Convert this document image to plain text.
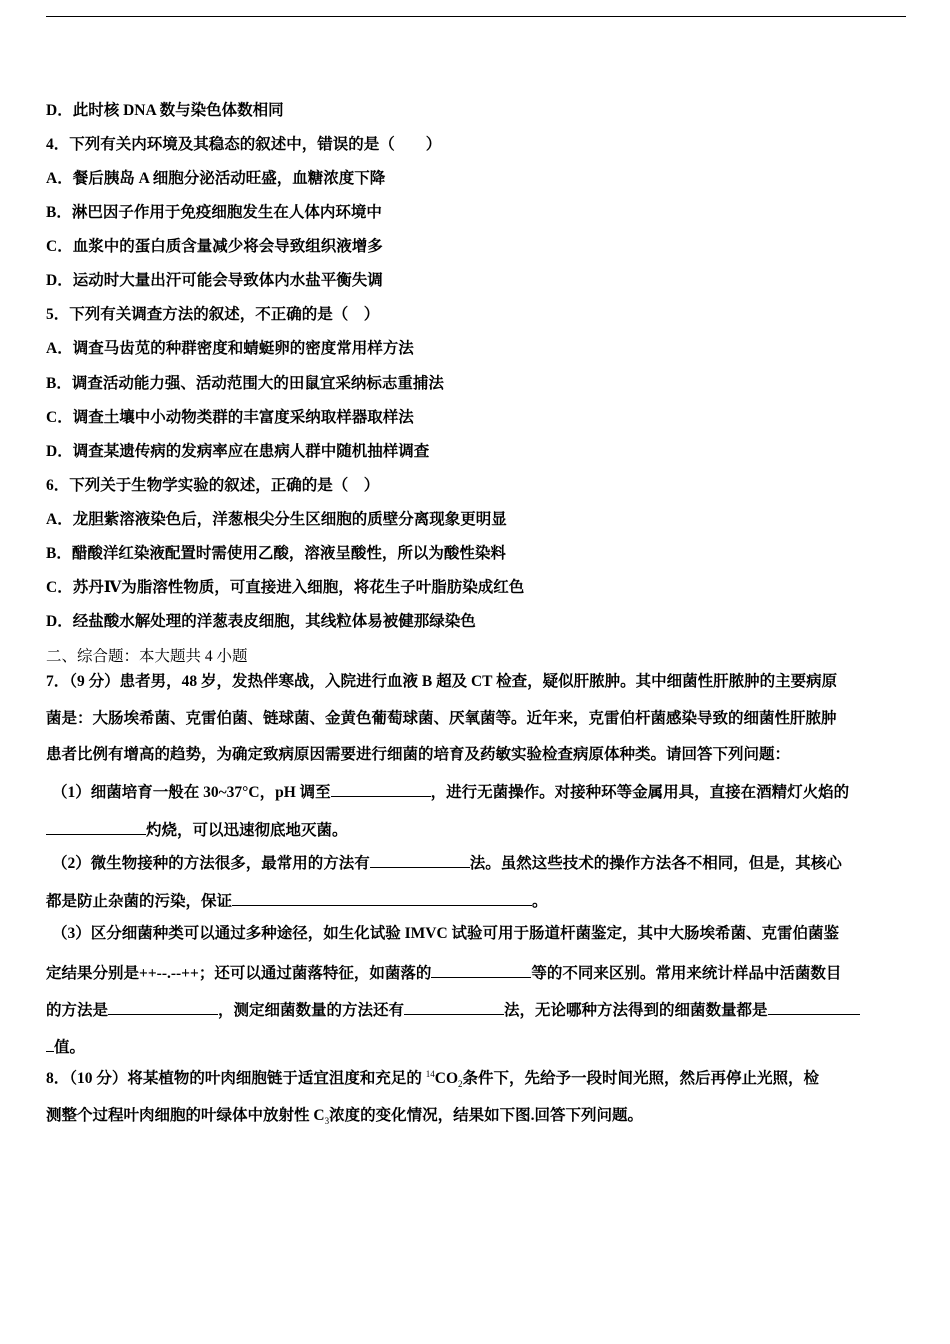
D．此时核 DNA 数与染色体数相同
4．下列有关内环境及其稳态的叙述中，错误的是（　　）
A．餐后胰岛 A 细胞分泌活动旺盛，血糖浓度下降
B．淋巴因子作用于免疫细胞发生在人体内环境中
C．血浆中的蛋白质含量减少将会导致组织液增多
D．运动时大量出汗可能会导致体内水盐平衡失调
5．下列有关调查方法的叙述，不正确的是（　）
A．调查马齿苋的种群密度和蜻蜓卵的密度常用样方法
B．调查活动能力强、活动范围大的田鼠宜采纳标志重捕法
C．调查土壤中小动物类群的丰富度采纳取样器取样法
D．调查某遗传病的发病率应在患病人群中随机抽样调查
6．下列关于生物学实验的叙述，正确的是（　）
A．龙胆紫溶液染色后，洋葱根尖分生区细胞的质壁分离现象更明显
B．醋酸洋红染液配置时需使用乙酸，溶液呈酸性，所以为酸性染料
C．苏丹Ⅳ为脂溶性物质，可直接进入细胞，将花生子叶脂肪染成红色
D．经盐酸水解处理的洋葱表皮细胞，其线粒体易被健那绿染色
二、综合题：本大题共 4 小题
7．（9 分）患者男，48 岁，发热伴寒战，入院进行血液 B 超及 CT 检查，疑似肝脓肿。其中细菌性肝脓肿的主要病原
菌是：大肠埃希菌、克雷伯菌、链球菌、金黄色葡萄球菌、厌氧菌等。近年来，克雷伯杆菌感染导致的细菌性肝脓肿
患者比例有增高的趋势，为确定致病原因需要进行细菌的培育及药敏实验检查病原体种类。请回答下列问题：
（1）细菌培育一般在 30~37°C，pH 调至	，进行无菌操作。对接种环等金属用具，直接在酒精灯火焰的
灼烧，可以迅速彻底地灭菌。
（2）微生物接种的方法很多，最常用的方法有	法。虽然这些技术的操作方法各不相同，但是，其核心
都是防止杂菌的污染，保证	。
（3）区分细菌种类可以通过多种途径，如生化试验 IMVC 试验可用于肠道杆菌鉴定，其中大肠埃希菌、克雷伯菌鉴
定结果分别是++--.--++；还可以通过菌落特征，如菌落的	等的不同来区别。常用来统计样品中活菌数目
的方法是	，测定细菌数量的方法还有	法，无论哪种方法得到的细菌数量都是
值。
8．（10 分）将某植物的叶肉细胞链于适宜沮度和充足的 $^{14}CO_2$条件下，先给予一段时间光照，然后再停止光照，检
测整个过程叶肉细胞的叶绿体中放射性 $C_3$浓度的变化情况，结果如下图.回答下列问题。
